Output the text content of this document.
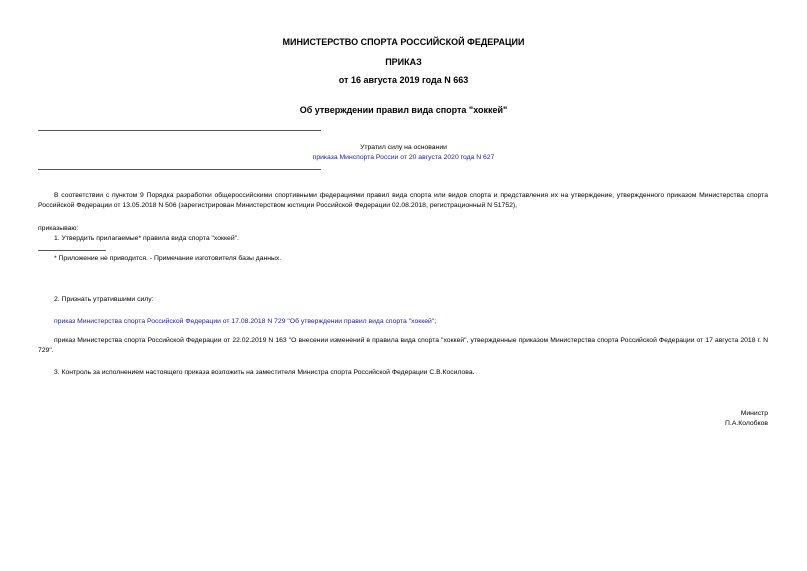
МИНИСТЕРСТВО СПОРТА РОССИЙСКОЙ ФЕДЕРАЦИИ
ПРИКАЗ
от 16 августа 2019 года N 663
Об утверждении правил вида спорта "хоккей"
Утратил силу на основании
приказа Минспорта России от 20 августа 2020 года N 627
В соответствии с пунктом 9 Порядка разработки общероссийскими спортивными федерациями правил вида спорта или видов спорта и представления их на утверждение, утвержденного приказом Министерства спорта Российской Федерации от 13.05.2018 N 506 (зарегистрирован Министерством юстиции Российской Федерации 02.08.2018, регистрационный N 51752),
приказываю:
1. Утвердить прилагаемые* правила вида спорта "хоккей".
* Приложение не приводится. - Примечание изготовителя базы данных.
2. Признать утратившими силу:
приказ Министерства спорта Российской Федерации от 17.08.2018 N 729 "Об утверждении правил вида спорта "хоккей";
приказ Министерства спорта Российской Федерации от 22.02.2019 N 163 "О внесении изменений в правила вида спорта "хоккей", утвержденные приказом Министерства спорта Российской Федерации от 17 августа 2018 г. N 729".
3. Контроль за исполнением настоящего приказа возложить на заместителя Министра спорта Российской Федерации С.В.Косилова.
Министр
П.А.Колобков
